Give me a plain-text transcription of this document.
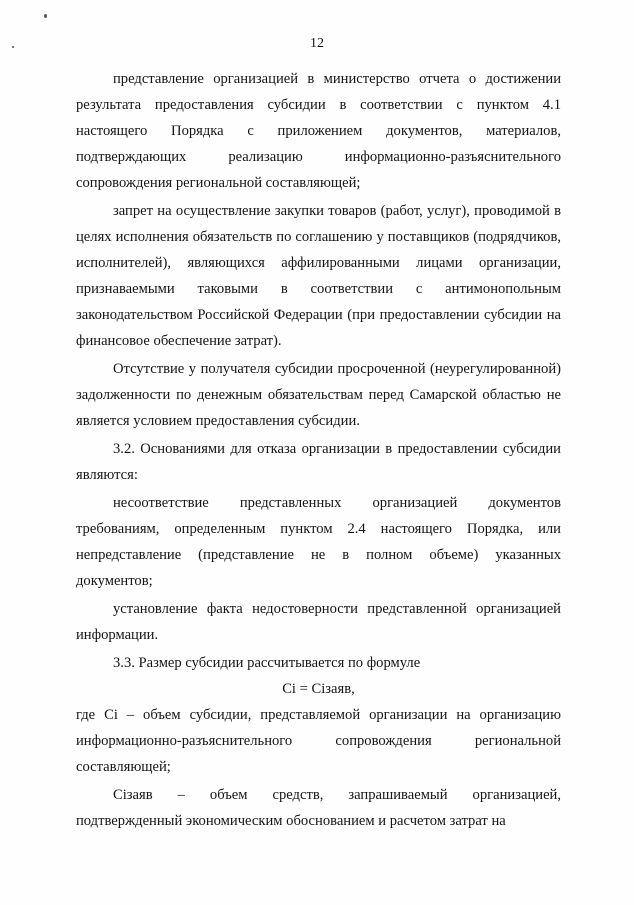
12

представление организацией в министерство отчета о достижении результата предоставления субсидии в соответствии с пунктом 4.1 настоящего Порядка с приложением документов, материалов, подтверждающих реализацию информационно-разъяснительного сопровождения региональной составляющей;

запрет на осуществление закупки товаров (работ, услуг), проводимой в целях исполнения обязательств по соглашению у поставщиков (подрядчиков, исполнителей), являющихся аффилированными лицами организации, признаваемыми таковыми в соответствии с антимонопольным законодательством Российской Федерации (при предоставлении субсидии на финансовое обеспечение затрат).

Отсутствие у получателя субсидии просроченной (неурегулированной) задолженности по денежным обязательствам перед Самарской областью не является условием предоставления субсидии.

3.2. Основаниями для отказа организации в предоставлении субсидии являются:

несоответствие представленных организацией документов требованиям, определенным пунктом 2.4 настоящего Порядка, или непредставление (представление не в полном объеме) указанных документов;

установление факта недостоверности представленной организацией информации.

3.3. Размер субсидии рассчитывается по формуле

Ci = Ciзаяв,

где Ci – объем субсидии, представляемой организации на организацию информационно-разъяснительного сопровождения региональной составляющей;

Ciзаяв – объем средств, запрашиваемый организацией, подтвержденный экономическим обоснованием и расчетом затрат на
